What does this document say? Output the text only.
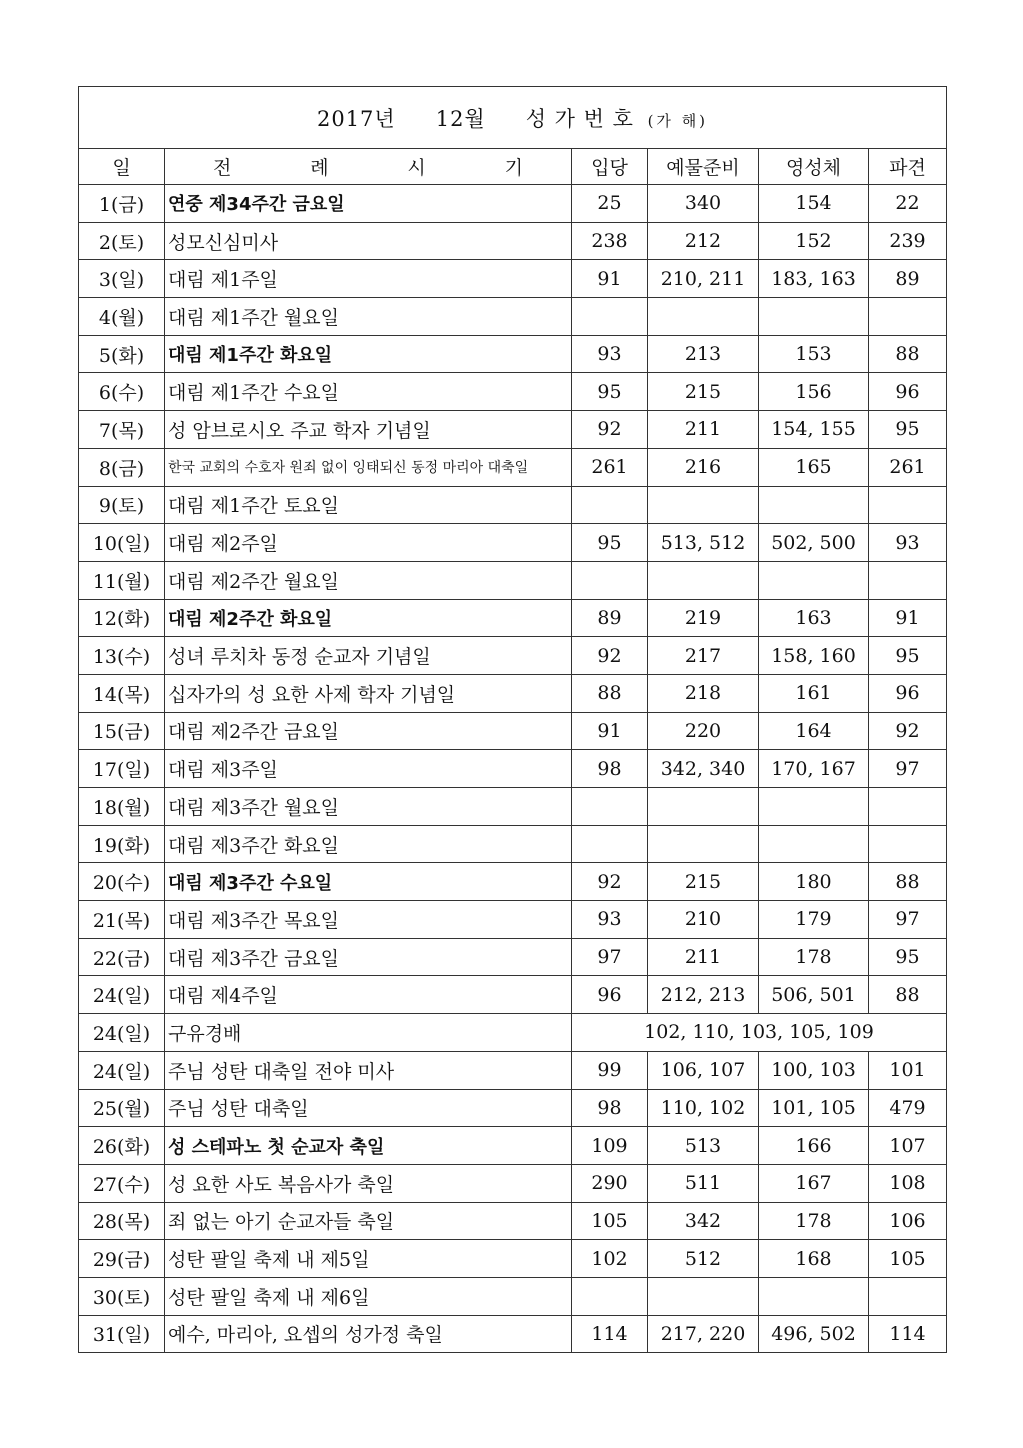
2017년 12월 성 가 번 호 (가 해)					
일	전 례 시 기	입당	예물준비	영성체	파견
1(금)	연중 제34주간 금요일	25	340	154	22
2(토)	성모신심미사	238	212	152	239
3(일)	대림 제1주일	91	210, 211	183, 163	89
4(월)	대림 제1주간 월요일				
5(화)	대림 제1주간 화요일	93	213	153	88
6(수)	대림 제1주간 수요일	95	215	156	96
7(목)	성 암브로시오 주교 학자 기념일	92	211	154, 155	95
8(금)	한국 교회의 수호자 원죄 없이 잉태되신 동정 마리아 대축일	261	216	165	261
9(토)	대림 제1주간 토요일				
10(일)	대림 제2주일	95	513, 512	502, 500	93
11(월)	대림 제2주간 월요일				
12(화)	대림 제2주간 화요일	89	219	163	91
13(수)	성녀 루치차 동정 순교자 기념일	92	217	158, 160	95
14(목)	십자가의 성 요한 사제 학자 기념일	88	218	161	96
15(금)	대림 제2주간 금요일	91	220	164	92
17(일)	대림 제3주일	98	342, 340	170, 167	97
18(월)	대림 제3주간 월요일				
19(화)	대림 제3주간 화요일				
20(수)	대림 제3주간 수요일	92	215	180	88
21(목)	대림 제3주간 목요일	93	210	179	97
22(금)	대림 제3주간 금요일	97	211	178	95
24(일)	대림 제4주일	96	212, 213	506, 501	88
24(일)	구유경배	102, 110, 103, 105, 109			
24(일)	주님 성탄 대축일 전야 미사	99	106, 107	100, 103	101
25(월)	주님 성탄 대축일	98	110, 102	101, 105	479
26(화)	성 스테파노 첫 순교자 축일	109	513	166	107
27(수)	성 요한 사도 복음사가 축일	290	511	167	108
28(목)	죄 없는 아기 순교자들 축일	105	342	178	106
29(금)	성탄 팔일 축제 내 제5일	102	512	168	105
30(토)	성탄 팔일 축제 내 제6일				
31(일)	예수, 마리아, 요셉의 성가정 축일	114	217, 220	496, 502	114
